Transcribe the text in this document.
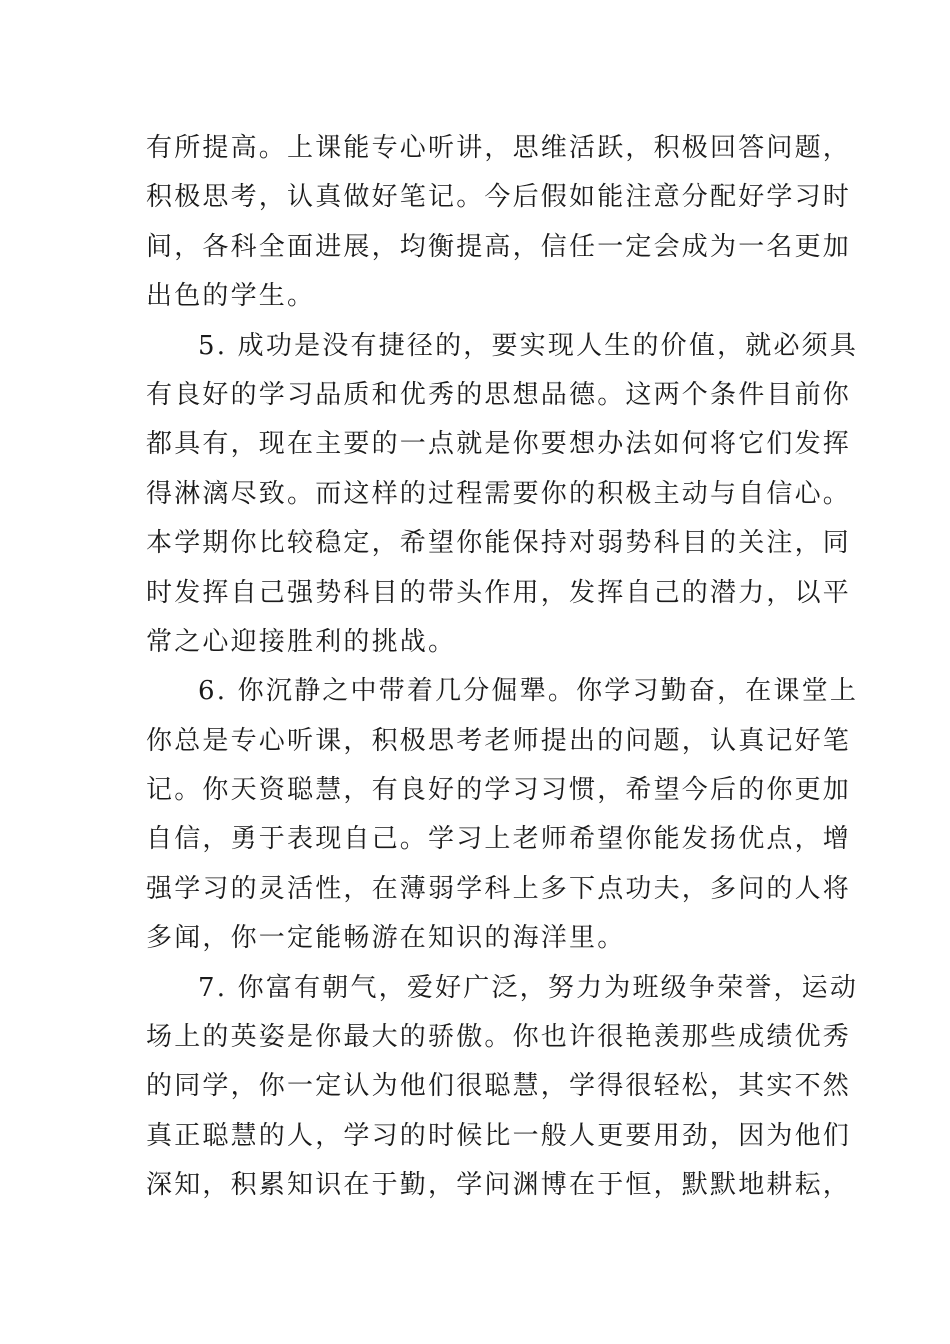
有所提高。上课能专心听讲，思维活跃，积极回答问题，
积极思考，认真做好笔记。今后假如能注意分配好学习时
间，各科全面进展，均衡提高，信任一定会成为一名更加
出色的学生。
5. 成功是没有捷径的，要实现人生的价值，就必须具
有良好的学习品质和优秀的思想品德。这两个条件目前你
都具有，现在主要的一点就是你要想办法如何将它们发挥
得淋漓尽致。而这样的过程需要你的积极主动与自信心。
本学期你比较稳定，希望你能保持对弱势科目的关注，同
时发挥自己强势科目的带头作用，发挥自己的潜力，以平
常之心迎接胜利的挑战。
6. 你沉静之中带着几分倔犟。你学习勤奋，在课堂上
你总是专心听课，积极思考老师提出的问题，认真记好笔
记。你天资聪慧，有良好的学习习惯，希望今后的你更加
自信，勇于表现自己。学习上老师希望你能发扬优点，增
强学习的灵活性，在薄弱学科上多下点功夫，多问的人将
多闻，你一定能畅游在知识的海洋里。
7. 你富有朝气，爱好广泛，努力为班级争荣誉，运动
场上的英姿是你最大的骄傲。你也许很艳羡那些成绩优秀
的同学，你一定认为他们很聪慧，学得很轻松，其实不然
真正聪慧的人，学习的时候比一般人更要用劲，因为他们
深知，积累知识在于勤，学问渊博在于恒，默默地耕耘，
